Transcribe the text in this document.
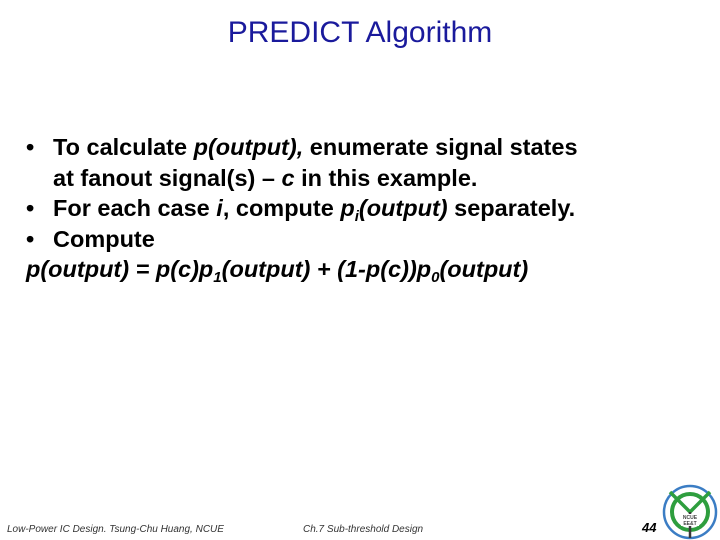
PREDICT Algorithm
• To calculate p(output), enumerate signal states
at fanout signal(s) – c in this example.
• For each case i, compute $p_i(output)$ separately.
• Compute
p(output) = $p(c)p_1(output)$ + $(1-p(c))p_0(output)$
Low-Power IC Design. Tsung-Chu Huang, NCUE	Ch.7 Sub-threshold Design	44
NCUE
EE&T
